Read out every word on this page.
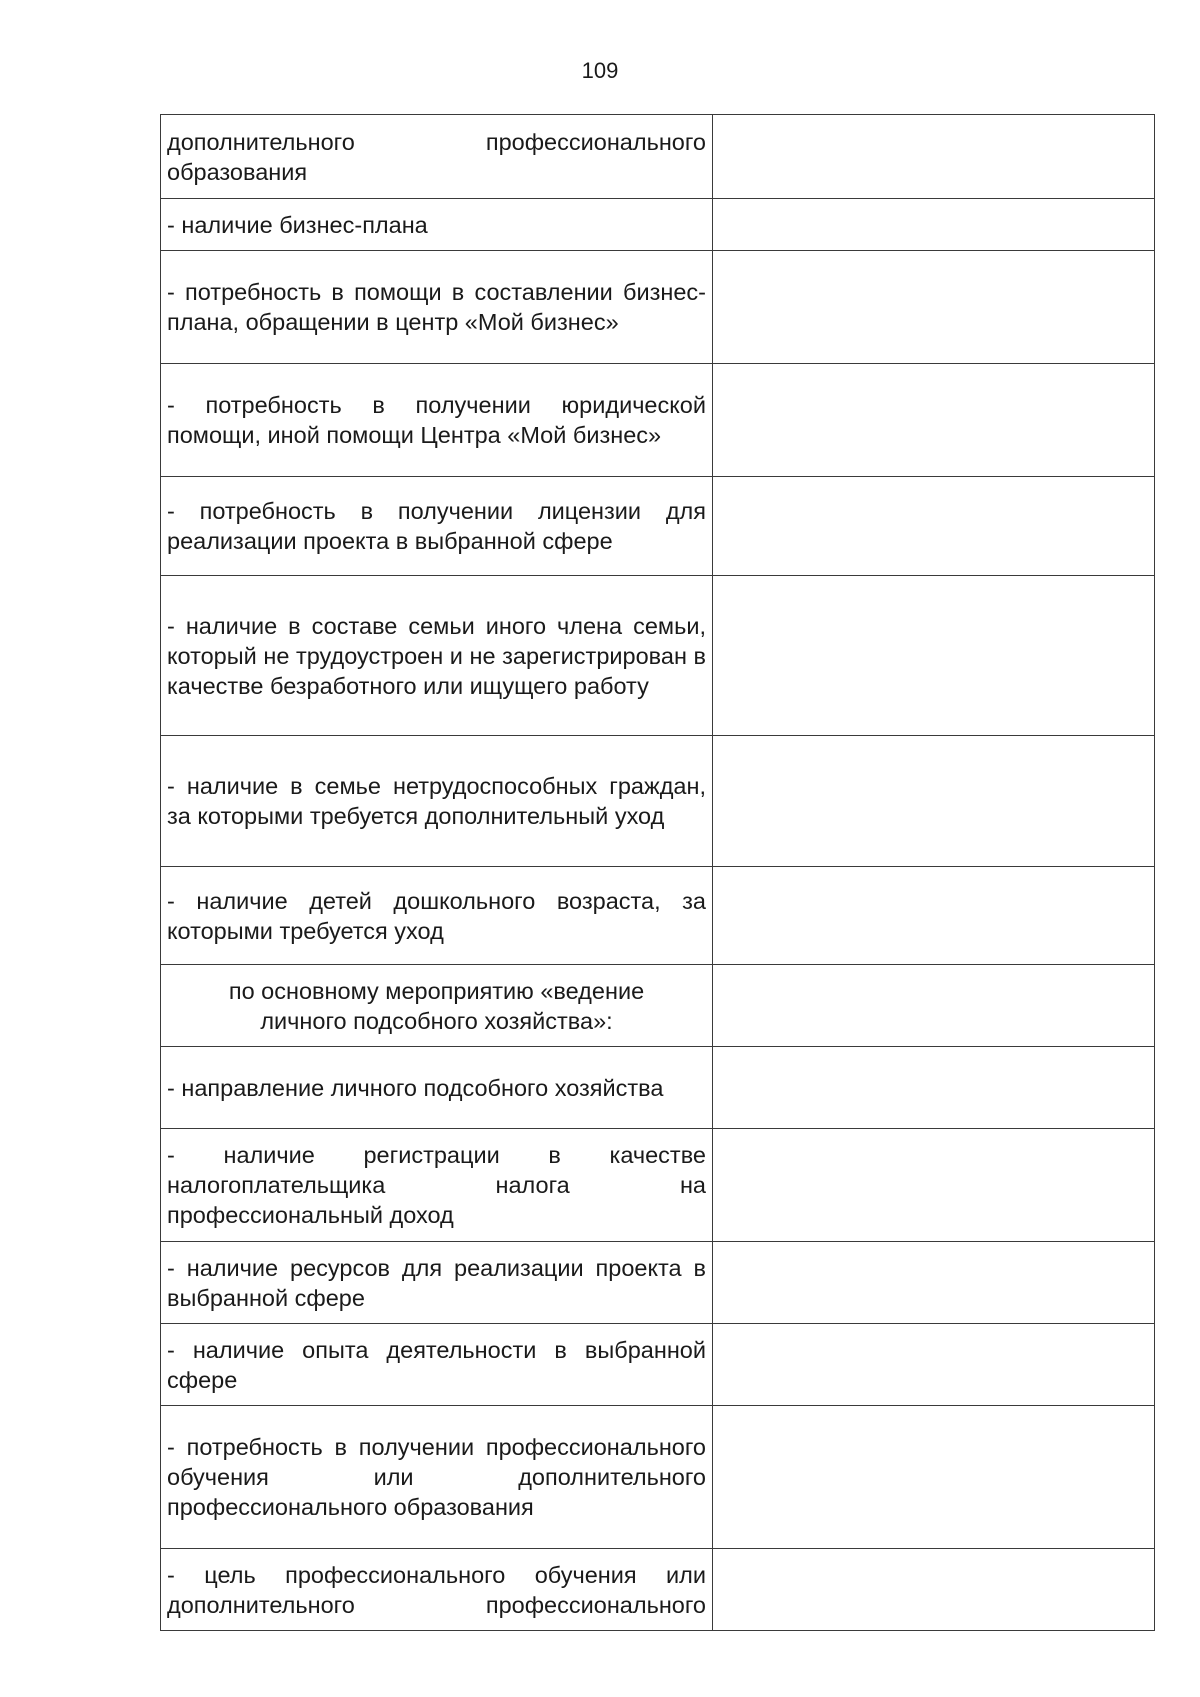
109
дополнительного профессионального образования	

- наличие бизнес-плана	

- потребность в помощи в составлении бизнес-плана, обращении в центр «Мой бизнес»	

- потребность в получении юридической помощи, иной помощи Центра «Мой бизнес»	

- потребность в получении лицензии для реализации проекта в выбранной сфере	

- наличие в составе семьи иного члена семьи, который не трудоустроен и не зарегистрирован в качестве безработного или ищущего работу	

- наличие в семье нетрудоспособных граждан, за которыми требуется дополнительный уход	

- наличие детей дошкольного возраста, за которыми требуется уход	

по основному мероприятию «ведение личного подсобного хозяйства»:	

- направление личного подсобного хозяйства	

- наличие регистрации в качестве налогоплательщика налога на профессиональный доход	

- наличие ресурсов для реализации проекта в выбранной сфере	

- наличие опыта деятельности в выбранной сфере	

- потребность в получении профессионального обучения или дополнительного профессионального образования	

- цель профессионального обучения или дополнительного профессионального	
